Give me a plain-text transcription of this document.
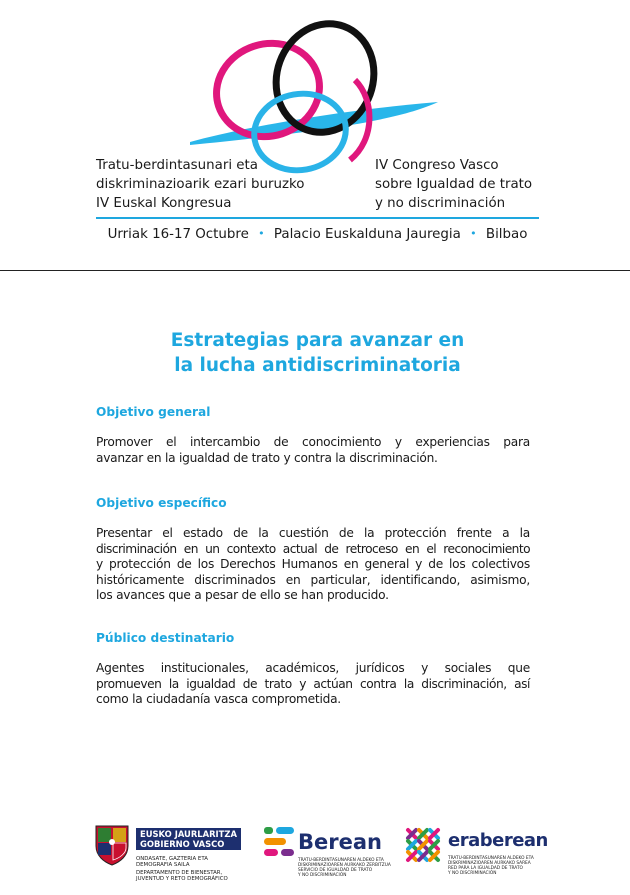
Tratu-berdintasunari eta
diskriminazioarik ezari buruzko
IV Euskal Kongresua
IV Congreso Vasco
sobre Igualdad de trato
y no discriminación
Urriak 16-17 Octubre • Palacio Euskalduna Jauregia • Bilbao
Estrategias para avanzar en
la lucha antidiscriminatoria
Objetivo general
Promover el intercambio de conocimiento y experiencias para
avanzar en la igualdad de trato y contra la discriminación.
Objetivo específico
Presentar el estado de la cuestión de la protección frente a la
discriminación en un contexto actual de retroceso en el reconocimiento
y protección de los Derechos Humanos en general y de los colectivos
históricamente discriminados en particular, identificando, asimismo,
los avances que a pesar de ello se han producido.
Público destinatario
Agentes institucionales, académicos, jurídicos y sociales que
promueven la igualdad de trato y actúan contra la discriminación, así
como la ciudadanía vasca comprometida.
EUSKO JAURLARITZA
GOBIERNO VASCO
ONDASATE, GAZTERIA ETA
DEMOGRAFIA SAILA
DEPARTAMENTO DE BIENESTAR,
JUVENTUD Y RETO DEMOGRÁFICO
Berean
TRATU-BERDINTASUNAREN ALDEKO ETA
DISKRIMINAZIOAREN AURKAKO ZERBITZUA
SERVICIO DE IGUALDAD DE TRATO
Y NO DISCRIMINACIÓN
eraberean
TRATU-BERDINTASUNAREN ALDEKO ETA
DISKRIMINAZIOAREN AURKAKO SAREA
RED PARA LA IGUALDAD DE TRATO
Y NO DISCRIMINACIÓN
